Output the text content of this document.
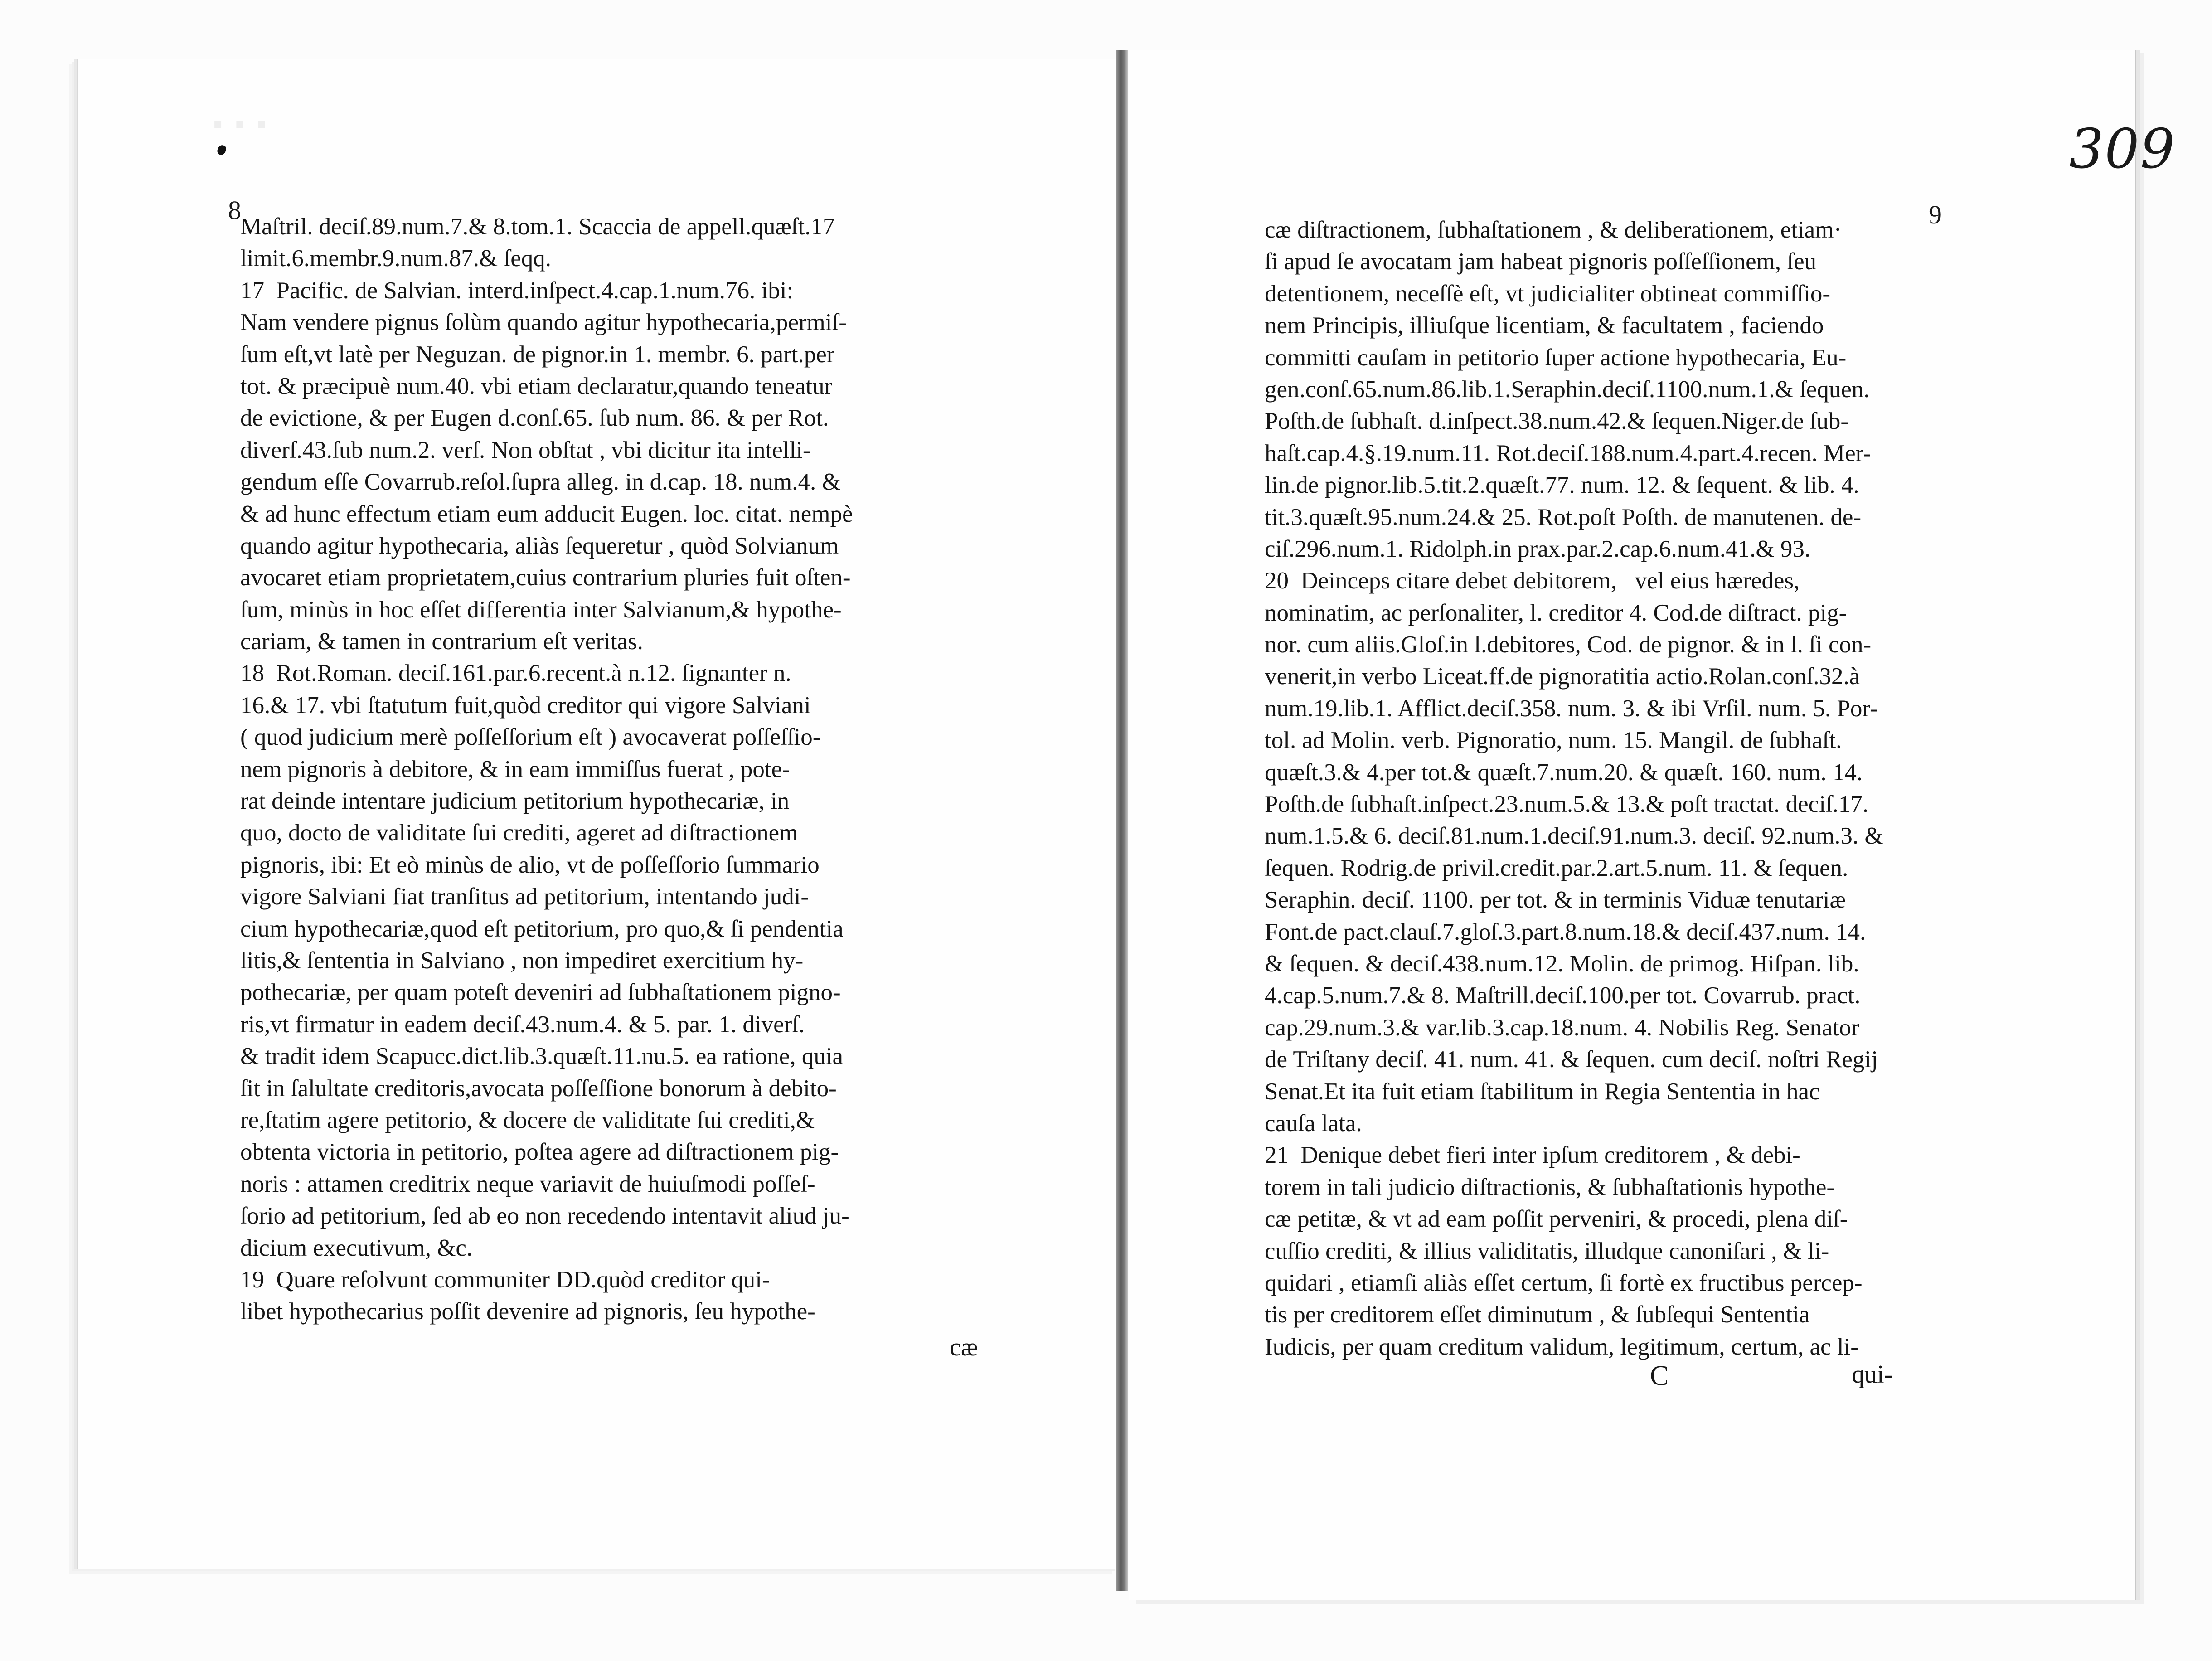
▪ ▪ ▪	309
8	9
Maſtril. deciſ.89.num.7.& 8.tom.1. Scaccia de appell.quæſt.17
limit.6.membr.9.num.87.& ſeqq.
17  Pacific. de Salvian. interd.inſpect.4.cap.1.num.76. ibi:
Nam vendere pignus ſolùm quando agitur hypothecaria,permiſ-
ſum eſt,vt latè per Neguzan. de pignor.in 1. membr. 6. part.per
tot. & præcipuè num.40. vbi etiam declaratur,quando teneatur
de evictione, & per Eugen d.conſ.65. ſub num. 86. & per Rot.
diverſ.43.ſub num.2. verſ. Non obſtat , vbi dicitur ita intelli-
gendum eſſe Covarrub.reſol.ſupra alleg. in d.cap. 18. num.4. &
& ad hunc effectum etiam eum adducit Eugen. loc. citat. nempè
quando agitur hypothecaria, aliàs ſequeretur , quòd Solvianum
avocaret etiam proprietatem,cuius contrarium pluries fuit oſten-
ſum, minùs in hoc eſſet differentia inter Salvianum,& hypothe-
cariam, & tamen in contrarium eſt veritas.
18  Rot.Roman. deciſ.161.par.6.recent.à n.12. ſignanter n.
16.& 17. vbi ſtatutum fuit,quòd creditor qui vigore Salviani
( quod judicium merè poſſeſſorium eſt ) avocaverat poſſeſſio-
nem pignoris à debitore, & in eam immiſſus fuerat , pote-
rat deinde intentare judicium petitorium hypothecariæ, in
quo, docto de validitate ſui crediti, ageret ad diſtractionem
pignoris, ibi: Et eò minùs de alio, vt de poſſeſſorio ſummario
vigore Salviani fiat tranſitus ad petitorium, intentando judi-
cium hypothecariæ,quod eſt petitorium, pro quo,& ſi pendentia
litis,& ſententia in Salviano , non impediret exercitium hy-
pothecariæ, per quam poteſt deveniri ad ſubhaſtationem pigno-
ris,vt firmatur in eadem deciſ.43.num.4. & 5. par. 1. diverſ.
& tradit idem Scapucc.dict.lib.3.quæſt.11.nu.5. ea ratione, quia
ſit in ſalultate creditoris,avocata poſſeſſione bonorum à debito-
re,ſtatim agere petitorio, & docere de validitate ſui crediti,&
obtenta victoria in petitorio, poſtea agere ad diſtractionem pig-
noris : attamen creditrix neque variavit de huiuſmodi poſſeſ-
ſorio ad petitorium, ſed ab eo non recedendo intentavit aliud ju-
dicium executivum, &c.
19  Quare reſolvunt communiter DD.quòd creditor qui-
libet hypothecarius poſſit devenire ad pignoris, ſeu hypothe-
cæ
cæ diſtractionem, ſubhaſtationem , & deliberationem, etiam·
ſi apud ſe avocatam jam habeat pignoris poſſeſſionem, ſeu
detentionem, neceſſè eſt, vt judicialiter obtineat commiſſio-
nem Principis, illiuſque licentiam, & facultatem , faciendo
committi cauſam in petitorio ſuper actione hypothecaria, Eu-
gen.conſ.65.num.86.lib.1.Seraphin.deciſ.1100.num.1.& ſequen.
Poſth.de ſubhaſt. d.inſpect.38.num.42.& ſequen.Niger.de ſub-
haſt.cap.4.§.19.num.11. Rot.deciſ.188.num.4.part.4.recen. Mer-
lin.de pignor.lib.5.tit.2.quæſt.77. num. 12. & ſequent. & lib. 4.
tit.3.quæſt.95.num.24.& 25. Rot.poſt Poſth. de manutenen. de-
ciſ.296.num.1. Ridolph.in prax.par.2.cap.6.num.41.& 93.
20  Deinceps citare debet debitorem,   vel eius hæredes,
nominatim, ac perſonaliter, l. creditor 4. Cod.de diſtract. pig-
nor. cum aliis.Gloſ.in l.debitores, Cod. de pignor. & in l. ſi con-
venerit,in verbo Liceat.ff.de pignoratitia actio.Rolan.conſ.32.à
num.19.lib.1. Afflict.deciſ.358. num. 3. & ibi Vrſil. num. 5. Por-
tol. ad Molin. verb. Pignoratio, num. 15. Mangil. de ſubhaſt.
quæſt.3.& 4.per tot.& quæſt.7.num.20. & quæſt. 160. num. 14.
Poſth.de ſubhaſt.inſpect.23.num.5.& 13.& poſt tractat. deciſ.17.
num.1.5.& 6. deciſ.81.num.1.deciſ.91.num.3. deciſ. 92.num.3. &
ſequen. Rodrig.de privil.credit.par.2.art.5.num. 11. & ſequen.
Seraphin. deciſ. 1100. per tot. & in terminis Viduæ tenutariæ
Font.de pact.clauſ.7.gloſ.3.part.8.num.18.& deciſ.437.num. 14.
& ſequen. & deciſ.438.num.12. Molin. de primog. Hiſpan. lib.
4.cap.5.num.7.& 8. Maſtrill.deciſ.100.per tot. Covarrub. pract.
cap.29.num.3.& var.lib.3.cap.18.num. 4. Nobilis Reg. Senator
de Triſtany deciſ. 41. num. 41. & ſequen. cum deciſ. noſtri Regij
Senat.Et ita fuit etiam ſtabilitum in Regia Sententia in hac
cauſa lata.
21  Denique debet fieri inter ipſum creditorem , & debi-
torem in tali judicio diſtractionis, & ſubhaſtationis hypothe-
cæ petitæ, & vt ad eam poſſit perveniri, & procedi, plena diſ-
cuſſio crediti, & illius validitatis, illudque canoniſari , & li-
quidari , etiamſi aliàs eſſet certum, ſi fortè ex fructibus percep-
tis per creditorem eſſet diminutum , & ſubſequi Sententia
Iudicis, per quam creditum validum, legitimum, certum, ac li-
C	qui-
